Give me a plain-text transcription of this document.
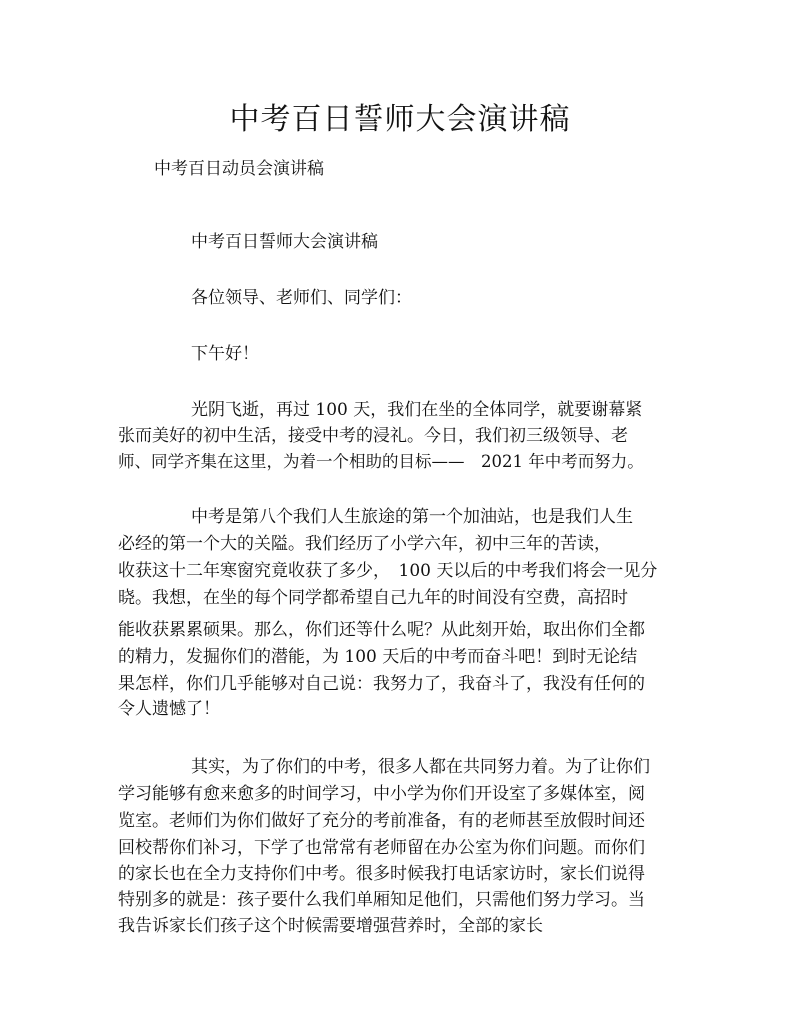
中考百日誓师大会演讲稿
中考百日动员会演讲稿
中考百日誓师大会演讲稿
各位领导、老师们、同学们：
下午好！
光阴飞逝，再过 100 天，我们在坐的全体同学，就要谢幕紧
张而美好的初中生活，接受中考的浸礼。今日，我们初三级领导、老
师、同学齐集在这里，为着一个相助的目标——　2021 年中考而努力。
中考是第八个我们人生旅途的第一个加油站，也是我们人生
必经的第一个大的关隘。我们经历了小学六年，初中三年的苦读，
收获这十二年寒窗究竟收获了多少，　100 天以后的中考我们将会一见分
晓。我想，在坐的每个同学都希望自己九年的时间没有空费，高招时
能收获累累硕果。那么，你们还等什么呢？从此刻开始，取出你们全都
的精力，发掘你们的潜能，为 100 天后的中考而奋斗吧！到时无论结
果怎样，你们几乎能够对自己说：我努力了，我奋斗了，我没有任何的
令人遗憾了！
其实，为了你们的中考，很多人都在共同努力着。为了让你们
学习能够有愈来愈多的时间学习，中小学为你们开设室了多媒体室，阅
览室。老师们为你们做好了充分的考前准备，有的老师甚至放假时间还
回校帮你们补习，下学了也常常有老师留在办公室为你们问题。而你们
的家长也在全力支持你们中考。很多时候我打电话家访时，家长们说得
特别多的就是：孩子要什么我们单厢知足他们，只需他们努力学习。当
我告诉家长们孩子这个时候需要增强营养时，全部的家长
